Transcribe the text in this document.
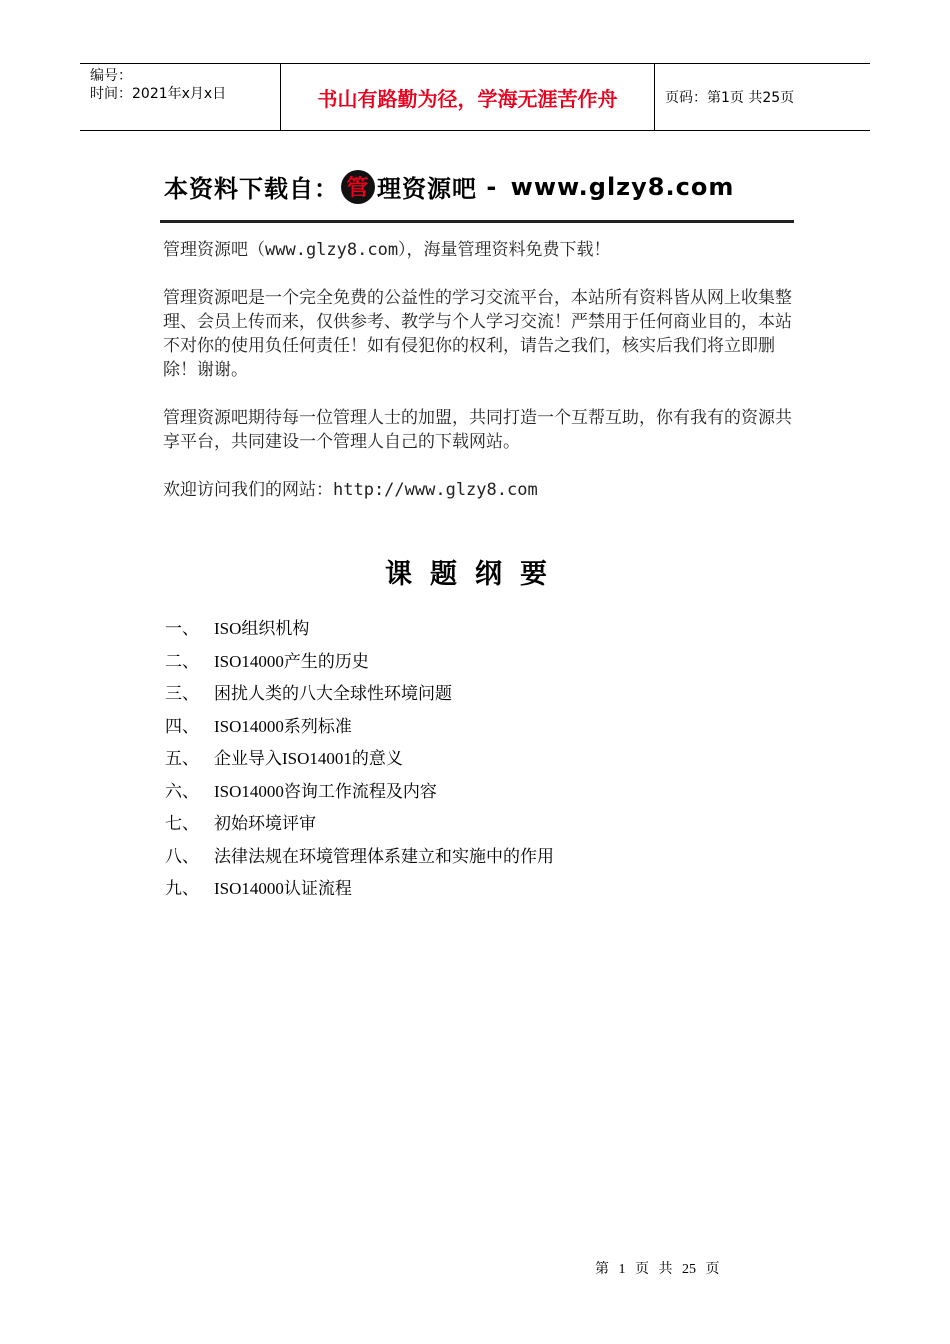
编号：
时间：2021年x月x日	书山有路勤为径，学海无涯苦作舟	页码：第1页 共25页
本资料下载自： 管 理资源吧 - www.glzy8.com

管理资源吧（www.glzy8.com），海量管理资料免费下载！

管理资源吧是一个完全免费的公益性的学习交流平台，本站所有资料皆从网上收集整理、会员上传而来，仅供参考、教学与个人学习交流！严禁用于任何商业目的，本站不对你的使用负任何责任！如有侵犯你的权利，请告之我们，核实后我们将立即删除！谢谢。

管理资源吧期待每一位管理人士的加盟，共同打造一个互帮互助，你有我有的资源共享平台，共同建设一个管理人自己的下载网站。

欢迎访问我们的网站：http://www.glzy8.com

课题纲要
一、 ISO组织机构
二、 ISO14000产生的历史
三、 困扰人类的八大全球性环境问题
四、 ISO14000系列标准
五、 企业导入ISO14001的意义
六、 ISO14000咨询工作流程及内容
七、 初始环境评审
八、 法律法规在环境管理体系建立和实施中的作用
九、 ISO14000认证流程
第 1 页 共 25 页
